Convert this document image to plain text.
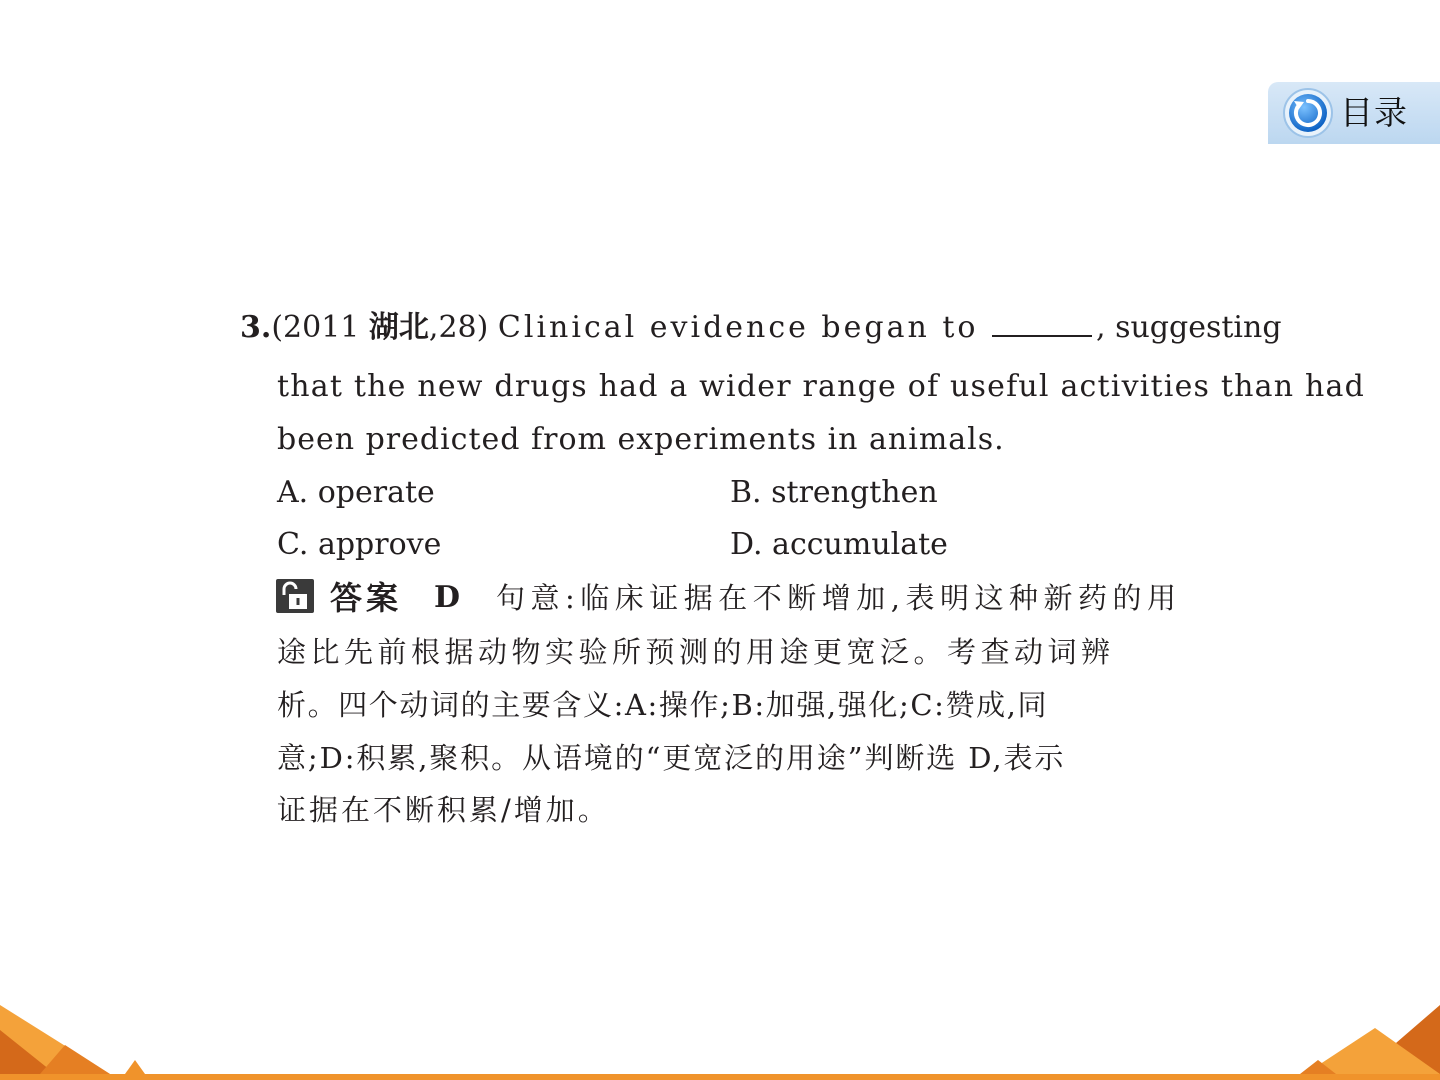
目录
3.(2011 湖北,28) Clinical evidence began to	, suggesting
that the new drugs had a wider range of useful activities than had
been predicted from experiments in animals.
A. operate	B. strengthen
C. approve	D. accumulate
答案 D 句意:临床证据在不断增加,表明这种新药的用
途比先前根据动物实验所预测的用途更宽泛。考查动词辨
析。四个动词的主要含义:A:操作;B:加强,强化;C:赞成,同
意;D:积累,聚积。从语境的“更宽泛的用途”判断选 D,表示
证据在不断积累/增加。
